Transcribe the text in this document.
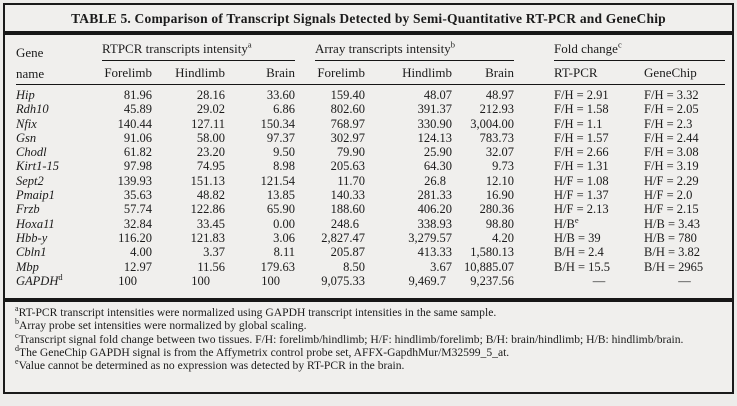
TABLE 5. Comparison of Transcript Signals Detected by Semi-Quantitative RT-PCR and GeneChip
Gene
name	RTPCR transcripts intensity$^a$				Array transcripts intensity$^b$				Fold change$^c$
	Forelimb	Hindlimb	Brain		Forelimb	Hindlimb	Brain		RT-PCR	GeneChip
Hip	81.96	28.16	33.60		159.40	48.07	48.97		F/H = 2.91	F/H = 3.32
Rdh10	45.89	29.02	6.86		802.60	391.37	212.93		F/H = 1.58	F/H = 2.05
Nfix	140.44	127.11	150.34		768.97	330.90	3,004.00		F/H = 1.1	F/H = 2.3
Gsn	91.06	58.00	97.37		302.97	124.13	783.73		F/H = 1.57	F/H = 2.44
Chodl	61.82	23.20	9.50		79.90	25.90	32.07		F/H = 2.66	F/H = 3.08
Kirt1-15	97.98	74.95	8.98		205.63	64.30	9.73		F/H = 1.31	F/H = 3.19
Sept2	139.93	151.13	121.54		11.70	26.8	12.10		H/F = 1.08	H/F = 2.29
Pmaip1	35.63	48.82	13.85		140.33	281.33	16.90		H/F = 1.37	H/F = 2.0
Frzb	57.74	122.86	65.90		188.60	406.20	280.36		H/F = 2.13	H/F = 2.15
Hoxa11	32.84	33.45	0.00		248.6	338.93	98.80		$H/B^e$	H/B = 3.43
Hbb-y	116.20	121.83	3.06		2,827.47	3,279.57	4.20		H/B = 39	H/B = 780
Cbln1	4.00	3.37	8.11		205.87	413.33	1,580.13		B/H = 2.4	B/H = 3.82
Mbp	12.97	11.56	179.63		8.50	3.67	10,885.07		B/H = 15.5	B/H = 2965
GAPDH$^d$	100	100	100		9,075.33	9,469.7	9,237.56		—	—
$^a$RT-PCR transcript intensities were normalized using GAPDH transcript intensities in the same sample.
$^b$Array probe set intensities were normalized by global scaling.
$^c$Transcript signal fold change between two tissues. F/H: forelimb/hindlimb; H/F: hindlimb/forelimb; B/H: brain/hindlimb; H/B: hindlimb/brain.
$^d$The GeneChip GAPDH signal is from the Affymetrix control probe set, AFFX-GapdhMur/M32599_5_at.
$^e$Value cannot be determined as no expression was detected by RT-PCR in the brain.
